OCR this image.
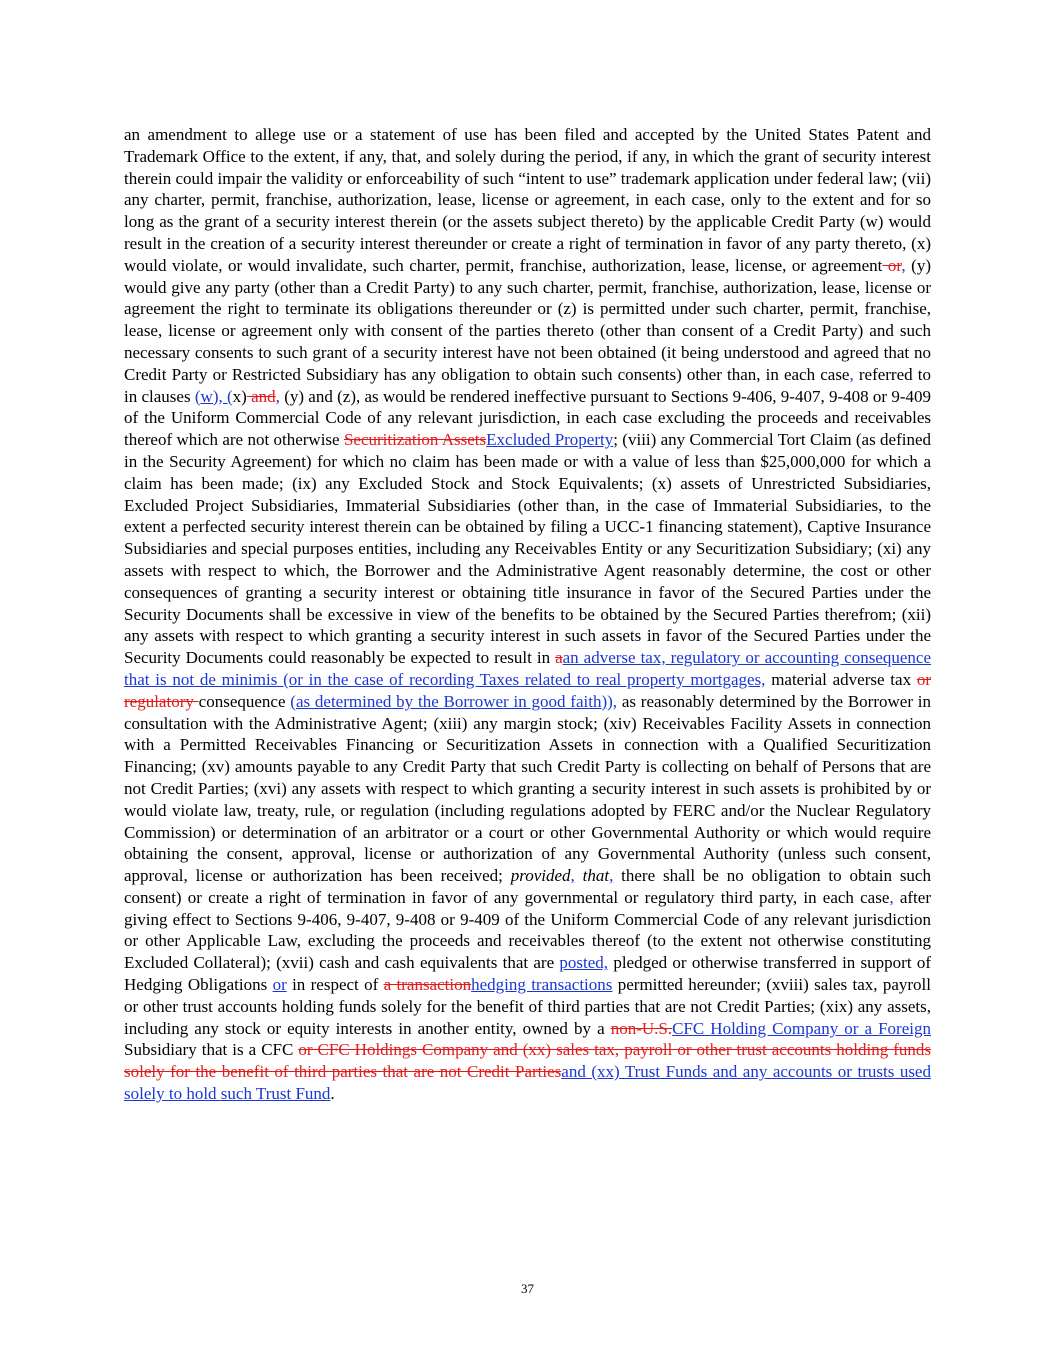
an amendment to allege use or a statement of use has been filed and accepted by the United States Patent and Trademark Office to the extent, if any, that, and solely during the period, if any, in which the grant of security interest therein could impair the validity or enforceability of such “intent to use” trademark application under federal law; (vii) any charter, permit, franchise, authorization, lease, license or agreement, in each case, only to the extent and for so long as the grant of a security interest therein (or the assets subject thereto) by the applicable Credit Party (w) would result in the creation of a security interest thereunder or create a right of termination in favor of any party thereto, (x) would violate, or would invalidate, such charter, permit, franchise, authorization, lease, license, or agreement or, (y) would give any party (other than a Credit Party) to any such charter, permit, franchise, authorization, lease, license or agreement the right to terminate its obligations thereunder or (z) is permitted under such charter, permit, franchise, lease, license or agreement only with consent of the parties thereto (other than consent of a Credit Party) and such necessary consents to such grant of a security interest have not been obtained (it being understood and agreed that no Credit Party or Restricted Subsidiary has any obligation to obtain such consents) other than, in each case, referred to in clauses (w), (x) and, (y) and (z), as would be rendered ineffective pursuant to Sections 9-406, 9-407, 9-408 or 9-409 of the Uniform Commercial Code of any relevant jurisdiction, in each case excluding the proceeds and receivables thereof which are not otherwise Securitization AssetsExcluded Property; (viii) any Commercial Tort Claim (as defined in the Security Agreement) for which no claim has been made or with a value of less than $25,000,000 for which a claim has been made; (ix) any Excluded Stock and Stock Equivalents; (x) assets of Unrestricted Subsidiaries, Excluded Project Subsidiaries, Immaterial Subsidiaries (other than, in the case of Immaterial Subsidiaries, to the extent a perfected security interest therein can be obtained by filing a UCC-1 financing statement), Captive Insurance Subsidiaries and special purposes entities, including any Receivables Entity or any Securitization Subsidiary; (xi) any assets with respect to which, the Borrower and the Administrative Agent reasonably determine, the cost or other consequences of granting a security interest or obtaining title insurance in favor of the Secured Parties under the Security Documents shall be excessive in view of the benefits to be obtained by the Secured Parties therefrom; (xii) any assets with respect to which granting a security interest in such assets in favor of the Secured Parties under the Security Documents could reasonably be expected to result in aan adverse tax, regulatory or accounting consequence that is not de minimis (or in the case of recording Taxes related to real property mortgages, material adverse tax or regulatory consequence (as determined by the Borrower in good faith)), as reasonably determined by the Borrower in consultation with the Administrative Agent; (xiii) any margin stock; (xiv) Receivables Facility Assets in connection with a Permitted Receivables Financing or Securitization Assets in connection with a Qualified Securitization Financing; (xv) amounts payable to any Credit Party that such Credit Party is collecting on behalf of Persons that are not Credit Parties; (xvi) any assets with respect to which granting a security interest in such assets is prohibited by or would violate law, treaty, rule, or regulation (including regulations adopted by FERC and/or the Nuclear Regulatory Commission) or determination of an arbitrator or a court or other Governmental Authority or which would require obtaining the consent, approval, license or authorization of any Governmental Authority (unless such consent, approval, license or authorization has been received; provided, that, there shall be no obligation to obtain such consent) or create a right of termination in favor of any governmental or regulatory third party, in each case, after giving effect to Sections 9-406, 9-407, 9-408 or 9-409 of the Uniform Commercial Code of any relevant jurisdiction or other Applicable Law, excluding the proceeds and receivables thereof (to the extent not otherwise constituting Excluded Collateral); (xvii) cash and cash equivalents that are posted, pledged or otherwise transferred in support of Hedging Obligations or in respect of a transactionhedging transactions permitted hereunder; (xviii) sales tax, payroll or other trust accounts holding funds solely for the benefit of third parties that are not Credit Parties; (xix) any assets, including any stock or equity interests in another entity, owned by a non-U.S.CFC Holding Company or a Foreign Subsidiary that is a CFC or CFC Holdings Company and (xx) sales tax, payroll or other trust accounts holding funds solely for the benefit of third parties that are not Credit Partiesand (xx) Trust Funds and any accounts or trusts used solely to hold such Trust Fund.
37
